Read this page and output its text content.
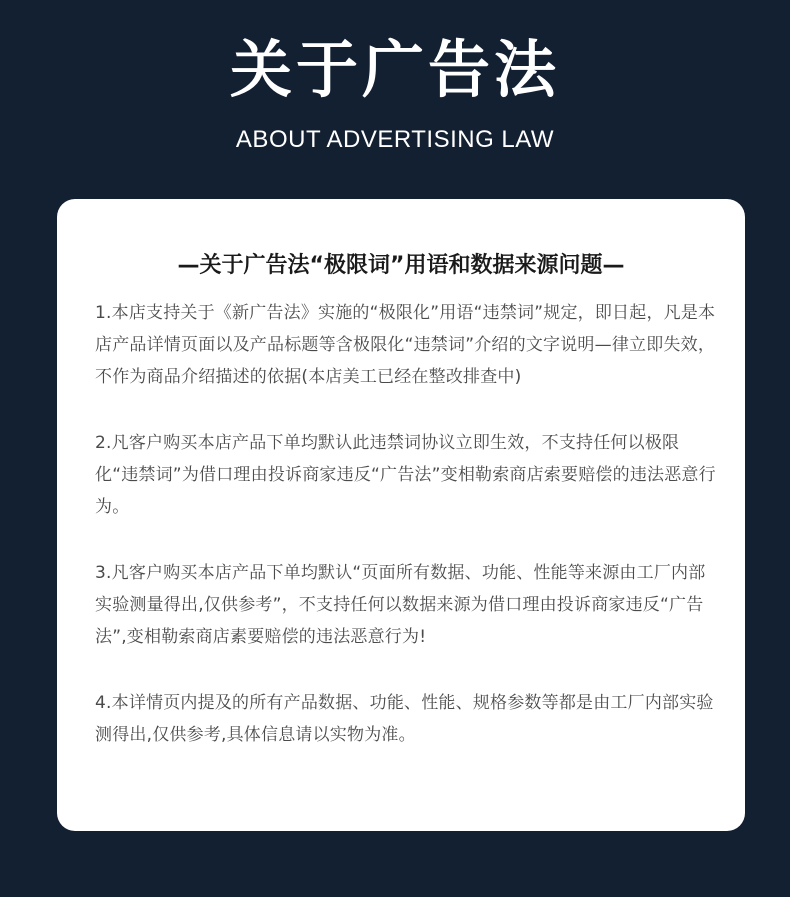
关于广告法
ABOUT ADVERTISING LAW
—关于广告法“极限词”用语和数据来源问题—

1.本店支持关于《新广告法》实施的“极限化”用语“违禁词”规定，即日起，凡是本店产品详情页面以及产品标题等含极限化“违禁词”介绍的文字说明—律立即失效，不作为商品介绍描述的依据(本店美工已经在整改排查中)

2.凡客户购买本店产品下单均默认此违禁词协议立即生效，不支持任何以极限化“违禁词”为借口理由投诉商家违反“广告法”变相勒索商店索要赔偿的违法恶意行为。

3.凡客户购买本店产品下单均默认“页面所有数据、功能、性能等来源由工厂内部实验测量得出,仅供参考”，不支持任何以数据来源为借口理由投诉商家违反“广告法”,变相勒索商店素要赔偿的违法恶意行为!

4.本详情页内提及的所有产品数据、功能、性能、规格参数等都是由工厂内部实验测得出,仅供参考,具体信息请以实物为准。
